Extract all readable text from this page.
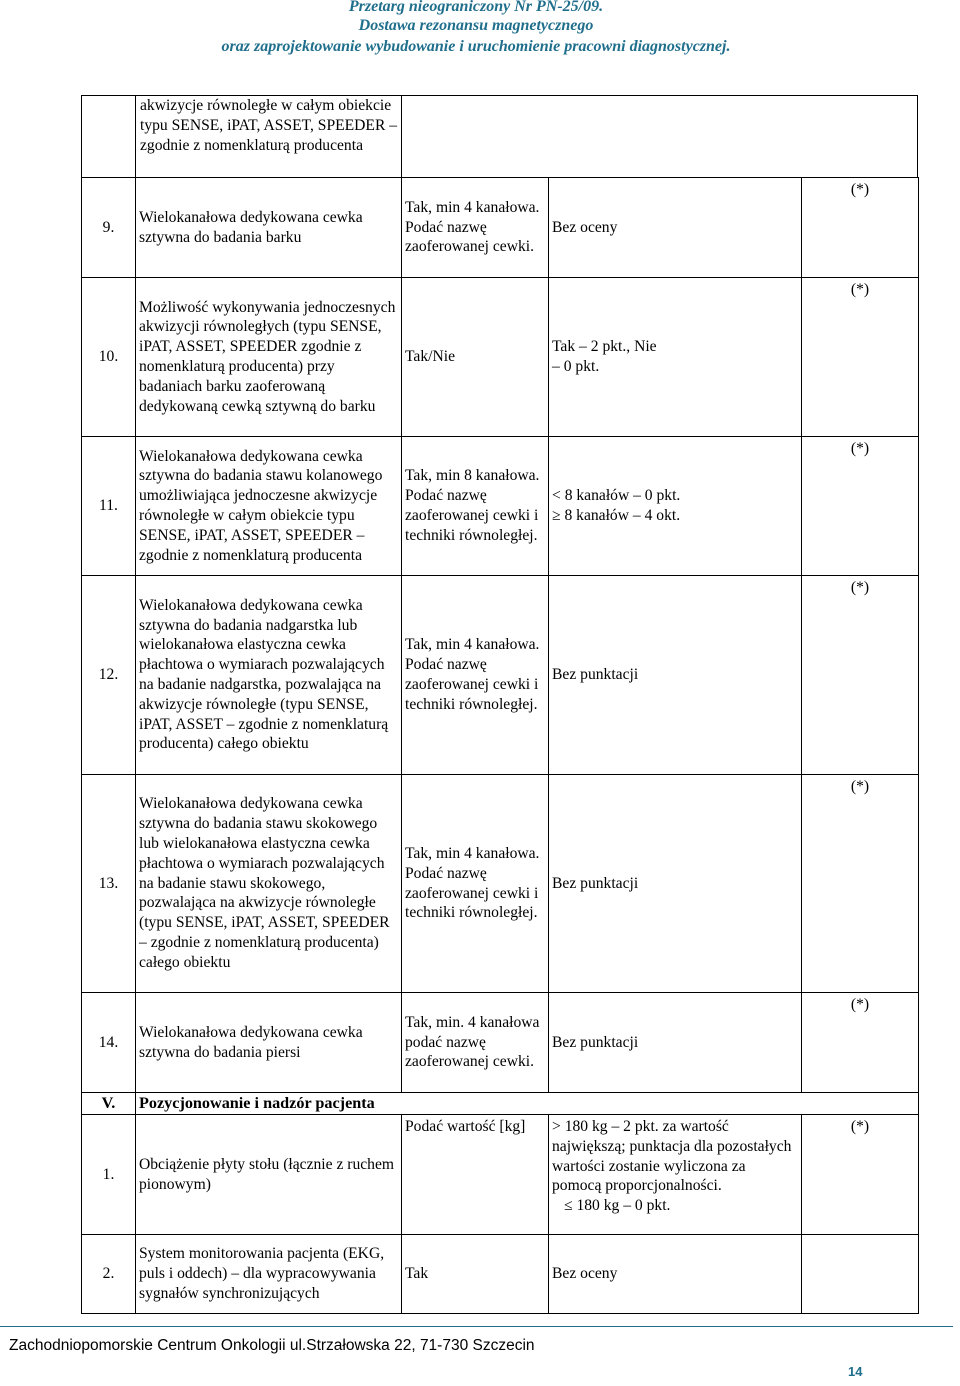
Przetarg nieograniczony Nr PN-25/09.
Dostawa rezonansu magnetycznego
oraz zaprojektowanie wybudowanie i uruchomienie pracowni diagnostycznej.
akwizycje równoległe w całym obiekcie typu SENSE, iPAT, ASSET, SPEEDER – zgodnie z nomenklaturą producenta
9.	Wielokanałowa dedykowana cewka sztywna do badania barku	Tak, min 4 kanałowa. Podać nazwę zaoferowanej cewki.	Bez oceny	(*)
10.	Możliwość wykonywania jednoczesnych akwizycji równoległych (typu SENSE, iPAT, ASSET, SPEEDER zgodnie z nomenklaturą producenta) przy badaniach barku zaoferowaną dedykowaną cewką sztywną do barku	Tak/Nie	Tak – 2 pkt., Nie – 0 pkt.	(*)
11.	Wielokanałowa dedykowana cewka sztywna do badania stawu kolanowego umożliwiająca jednoczesne akwizycje równoległe w całym obiekcie typu SENSE, iPAT, ASSET, SPEEDER – zgodnie z nomenklaturą producenta	Tak, min 8 kanałowa. Podać nazwę zaoferowanej cewki i techniki równoległej.	< 8 kanałów – 0 pkt.
≥ 8 kanałów – 4 okt.	(*)
12.	Wielokanałowa dedykowana cewka sztywna do badania nadgarstka lub wielokanałowa elastyczna cewka płachtowa o wymiarach pozwalających na badanie nadgarstka, pozwalająca na akwizycje równoległe (typu SENSE, iPAT, ASSET – zgodnie z nomenklaturą producenta) całego obiektu	Tak, min 4 kanałowa. Podać nazwę zaoferowanej cewki i techniki równoległej.	Bez punktacji	(*)
13.	Wielokanałowa dedykowana cewka sztywna do badania stawu skokowego lub wielokanałowa elastyczna cewka płachtowa o wymiarach pozwalających na badanie stawu skokowego, pozwalająca na akwizycje równoległe (typu SENSE, iPAT, ASSET, SPEEDER – zgodnie z nomenklaturą producenta) całego obiektu	Tak, min 4 kanałowa. Podać nazwę zaoferowanej cewki i techniki równoległej.	Bez punktacji	(*)
14.	Wielokanałowa dedykowana cewka sztywna do badania piersi	Tak, min. 4 kanałowa podać nazwę zaoferowanej cewki.	Bez punktacji	(*)
V.	Pozycjonowanie i nadzór pacjenta			
1.	Obciążenie płyty stołu (łącznie z ruchem pionowym)	Podać wartość [kg]	> 180 kg – 2 pkt. za wartość największą; punktacja dla pozostałych wartości zostanie wyliczona za pomocą proporcjonalności.
≤ 180 kg – 0 pkt.	(*)
2.	System monitorowania pacjenta (EKG, puls i oddech) – dla wypracowywania sygnałów synchronizujących	Tak	Bez oceny	
Zachodniopomorskie Centrum Onkologii ul.Strzałowska 22, 71-730 Szczecin
14
